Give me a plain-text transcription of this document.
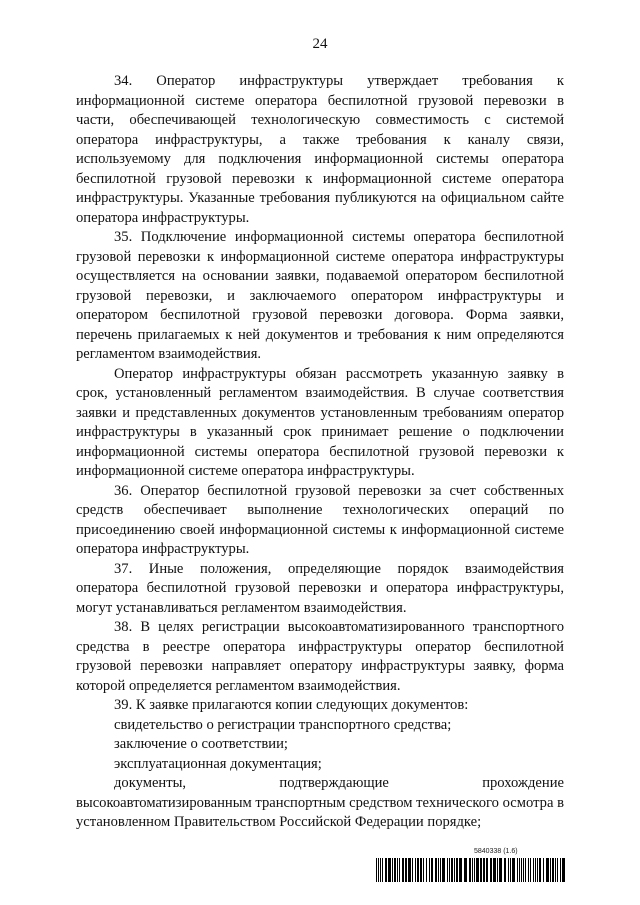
24

34. Оператор инфраструктуры утверждает требования к информационной системе оператора беспилотной грузовой перевозки в части, обеспечивающей технологическую совместимость с системой оператора инфраструктуры, а также требования к каналу связи, используемому для подключения информационной системы оператора беспилотной грузовой перевозки к информационной системе оператора инфраструктуры. Указанные требования публикуются на официальном сайте оператора инфраструктуры.

35. Подключение информационной системы оператора беспилотной грузовой перевозки к информационной системе оператора инфраструктуры осуществляется на основании заявки, подаваемой оператором беспилотной грузовой перевозки, и заключаемого оператором инфраструктуры и оператором беспилотной грузовой перевозки договора. Форма заявки, перечень прилагаемых к ней документов и требования к ним определяются регламентом взаимодействия.

Оператор инфраструктуры обязан рассмотреть указанную заявку в срок, установленный регламентом взаимодействия. В случае соответствия заявки и представленных документов установленным требованиям оператор инфраструктуры в указанный срок принимает решение о подключении информационной системы оператора беспилотной грузовой перевозки к информационной системе оператора инфраструктуры.

36. Оператор беспилотной грузовой перевозки за счет собственных средств обеспечивает выполнение технологических операций по присоединению своей информационной системы к информационной системе оператора инфраструктуры.

37. Иные положения, определяющие порядок взаимодействия оператора беспилотной грузовой перевозки и оператора инфраструктуры, могут устанавливаться регламентом взаимодействия.

38. В целях регистрации высокоавтоматизированного транспортного средства в реестре оператора инфраструктуры оператор беспилотной грузовой перевозки направляет оператору инфраструктуры заявку, форма которой определяется регламентом взаимодействия.

39. К заявке прилагаются копии следующих документов:

свидетельство о регистрации транспортного средства;

заключение о соответствии;

эксплуатационная документация;

документы, подтверждающие прохождение высокоавтоматизированным транспортным средством технического осмотра в установленном Правительством Российской Федерации порядке;

5840338 (1.6)
